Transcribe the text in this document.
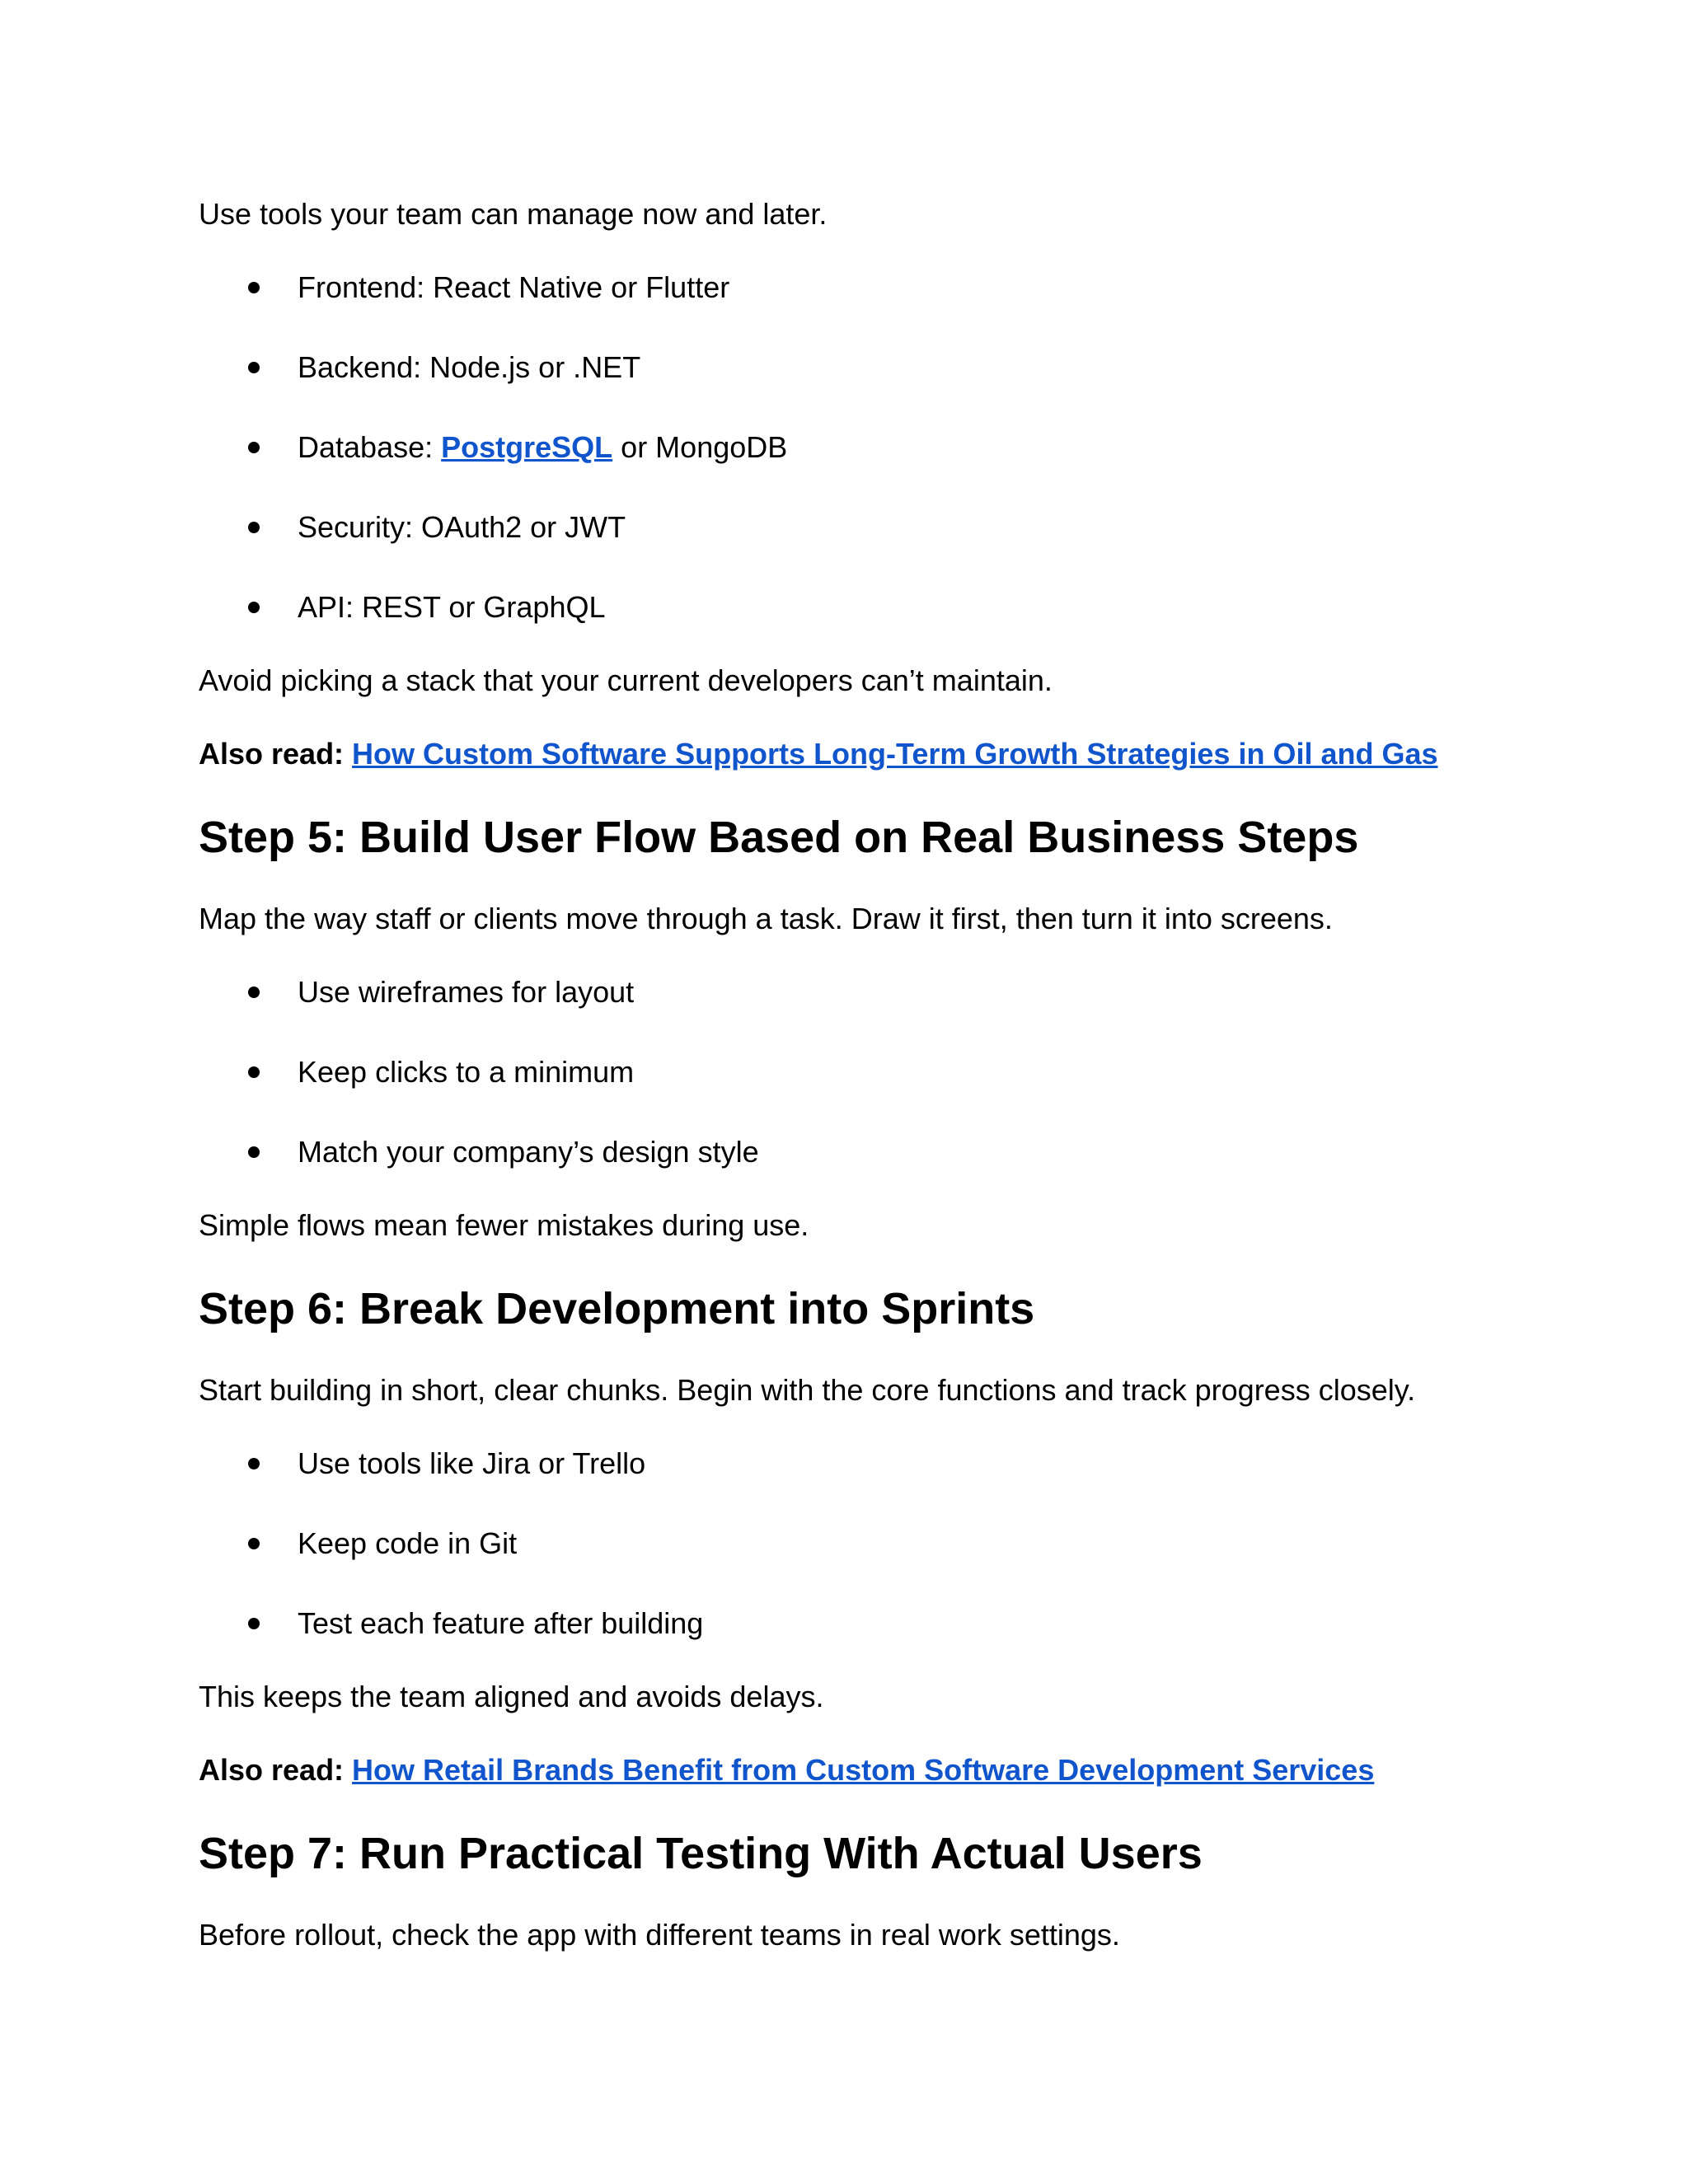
Use tools your team can manage now and later.
Frontend: React Native or Flutter
Backend: Node.js or .NET
Database: PostgreSQL or MongoDB
Security: OAuth2 or JWT
API: REST or GraphQL
Avoid picking a stack that your current developers can’t maintain.
Also read: How Custom Software Supports Long-Term Growth Strategies in Oil and Gas
Step 5: Build User Flow Based on Real Business Steps
Map the way staff or clients move through a task. Draw it first, then turn it into screens.
Use wireframes for layout
Keep clicks to a minimum
Match your company’s design style
Simple flows mean fewer mistakes during use.
Step 6: Break Development into Sprints
Start building in short, clear chunks. Begin with the core functions and track progress closely.
Use tools like Jira or Trello
Keep code in Git
Test each feature after building
This keeps the team aligned and avoids delays.
Also read: How Retail Brands Benefit from Custom Software Development Services
Step 7: Run Practical Testing With Actual Users
Before rollout, check the app with different teams in real work settings.
